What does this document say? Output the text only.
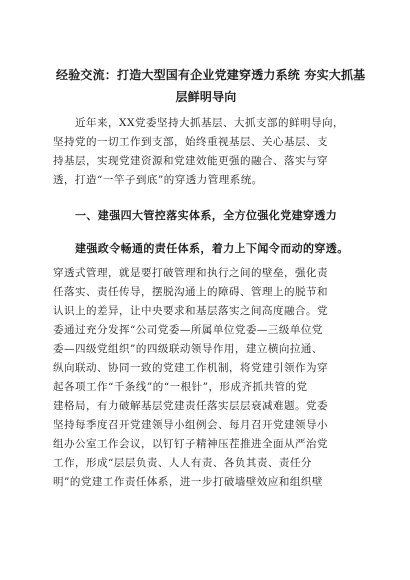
经验交流：打造大型国有企业党建穿透力系统 夯实大抓基
层鲜明导向
近年来，XX党委坚持大抓基层、大抓支部的鲜明导向，
坚持党的一切工作到支部，始终重视基层、关心基层、支
持基层，实现党建资源和党建效能更强的融合、落实与穿
透，打造“一竿子到底”的穿透力管理系统。
一、建强四大管控落实体系，全方位强化党建穿透力
建强政令畅通的责任体系，着力上下闻令而动的穿透。
穿透式管理，就是要打破管理和执行之间的壁垒，强化责
任落实、责任传导，摆脱沟通上的障碍、管理上的脱节和
认识上的差异，让中央要求和基层落实之间高度融合。党
委通过充分发挥“公司党委—所属单位党委—三级单位党
委—四级党组织”的四级联动领导作用，建立横向拉通、
纵向联动、协同一致的党建工作机制，将党建引领作为穿
起各项工作“千条线”的“一根针”，形成齐抓共管的党
建格局，有力破解基层党建责任落实层层衰减难题。党委
坚持每季度召开党建领导小组例会、每月召开党建领导小
组办公室工作会议，以钉钉子精神压茬推进全面从严治党
工作，形成“层层负责、人人有责、各负其责、责任分
明”的党建工作责任体系，进一步打破墙壁效应和组织壁
